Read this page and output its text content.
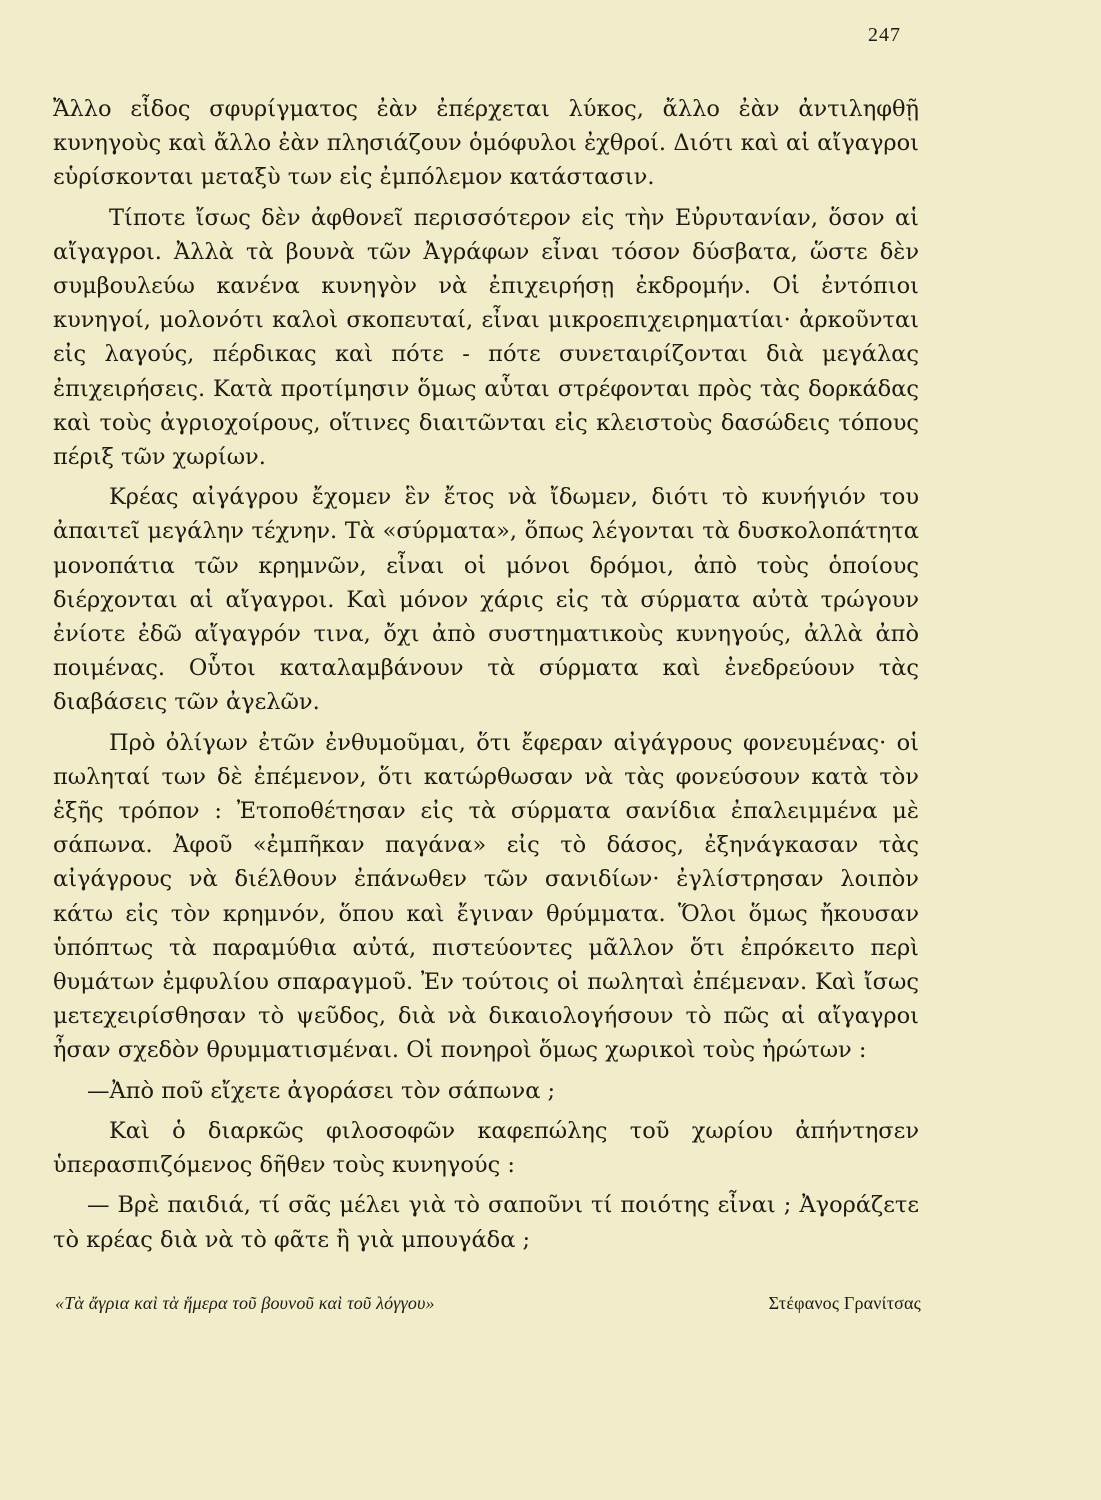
247

Ἄλλο εἶδος σφυρίγματος ἐὰν ἐπέρχεται λύκος, ἄλλο ἐὰν ἀντιληφθῇ κυνηγοὺς καὶ ἄλλο ἐὰν πλησιάζουν ὁμόφυλοι ἐχθροί. Διότι καὶ αἱ αἴγαγροι εὑρίσκονται μεταξὺ των εἰς ἐμπόλεμον κατάστασιν.

Τίποτε ἴσως δὲν ἀφθονεῖ περισσότερον εἰς τὴν Εὐρυτανίαν, ὅσον αἱ αἴγαγροι. Ἀλλὰ τὰ βουνὰ τῶν Ἀγράφων εἶναι τόσον δύσβατα, ὥστε δὲν συμβουλεύω κανένα κυνηγὸν νὰ ἐπιχειρήσῃ ἐκδρομήν. Οἱ ἐντόπιοι κυνηγοί, μολονότι καλοὶ σκοπευταί, εἶναι μικροεπιχειρηματίαι· ἀρκοῦνται εἰς λαγούς, πέρδικας καὶ πότε - πότε συνεταιρίζονται διὰ μεγάλας ἐπιχειρήσεις. Κατὰ προτίμησιν ὅμως αὗται στρέφονται πρὸς τὰς δορκάδας καὶ τοὺς ἀγριοχοίρους, οἵτινες διαιτῶνται εἰς κλειστοὺς δασώδεις τόπους πέριξ τῶν χωρίων.

Κρέας αἰγάγρου ἔχομεν ἓν ἔτος νὰ ἴδωμεν, διότι τὸ κυνήγιόν του ἀπαιτεῖ μεγάλην τέχνην. Τὰ «σύρματα», ὅπως λέγονται τὰ δυσκολοπάτητα μονοπάτια τῶν κρημνῶν, εἶναι οἱ μόνοι δρόμοι, ἀπὸ τοὺς ὁποίους διέρχονται αἱ αἴγαγροι. Καὶ μόνον χάρις εἰς τὰ σύρματα αὐτὰ τρώγουν ἐνίοτε ἐδῶ αἴγαγρόν τινα, ὄχι ἀπὸ συστηματικοὺς κυνηγούς, ἀλλὰ ἀπὸ ποιμένας. Οὗτοι καταλαμβάνουν τὰ σύρματα καὶ ἐνεδρεύουν τὰς διαβάσεις τῶν ἀγελῶν.

Πρὸ ὀλίγων ἐτῶν ἐνθυμοῦμαι, ὅτι ἔφεραν αἰγάγρους φονευμένας· οἱ πωληταί των δὲ ἐπέμενον, ὅτι κατώρθωσαν νὰ τὰς φονεύσουν κατὰ τὸν ἑξῆς τρόπον : Ἐτοποθέτησαν εἰς τὰ σύρματα σανίδια ἐπαλειμμένα μὲ σάπωνα. Ἀφοῦ «ἐμπῆκαν παγάνα» εἰς τὸ δάσος, ἐξηνάγκασαν τὰς αἰγάγρους νὰ διέλθουν ἐπάνωθεν τῶν σανιδίων· ἐγλίστρησαν λοιπὸν κάτω εἰς τὸν κρημνόν, ὅπου καὶ ἔγιναν θρύμματα. Ὅλοι ὅμως ἤκουσαν ὑπόπτως τὰ παραμύθια αὐτά, πιστεύοντες μᾶλλον ὅτι ἐπρόκειτο περὶ θυμάτων ἐμφυλίου σπαραγμοῦ. Ἐν τούτοις οἱ πωληταὶ ἐπέμεναν. Καὶ ἴσως μετεχειρίσθησαν τὸ ψεῦδος, διὰ νὰ δικαιολογήσουν τὸ πῶς αἱ αἴγαγροι ἦσαν σχεδὸν θρυμματισμέναι. Οἱ πονηροὶ ὅμως χωρικοὶ τοὺς ἠρώτων :

—Ἀπὸ ποῦ εἴχετε ἀγοράσει τὸν σάπωνα ;

Καὶ ὁ διαρκῶς φιλοσοφῶν καφεπώλης τοῦ χωρίου ἀπήντησεν ὑπερασπιζόμενος δῆθεν τοὺς κυνηγούς :

— Βρὲ παιδιά, τί σᾶς μέλει γιὰ τὸ σαποῦνι τί ποιότης εἶναι ; Ἀγοράζετε τὸ κρέας διὰ νὰ τὸ φᾶτε ἢ γιὰ μπουγάδα ;

«Τὰ ἄγρια καὶ τὰ ἥμερα τοῦ βουνοῦ καὶ τοῦ λόγγου»	Στέφανος Γρανίτσας
